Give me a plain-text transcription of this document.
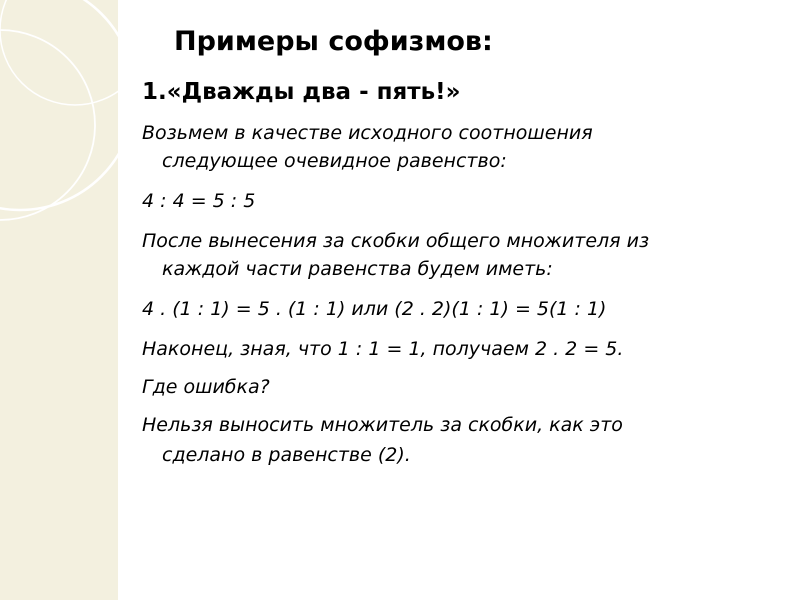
Примеры софизмов:
1.«Дважды два - пять!»
Возьмем в качестве исходного соотношения
следующее очевидное равенство:
4 : 4 = 5 : 5
После вынесения за скобки общего множителя из
каждой части равенства будем иметь:
4 . (1 : 1) = 5 . (1 : 1) или (2 . 2)(1 : 1) = 5(1 : 1)
Наконец, зная, что 1 : 1 = 1, получаем 2 . 2 = 5.
Где ошибка?
Нельзя выносить множитель за скобки, как это
сделано в равенстве (2).
